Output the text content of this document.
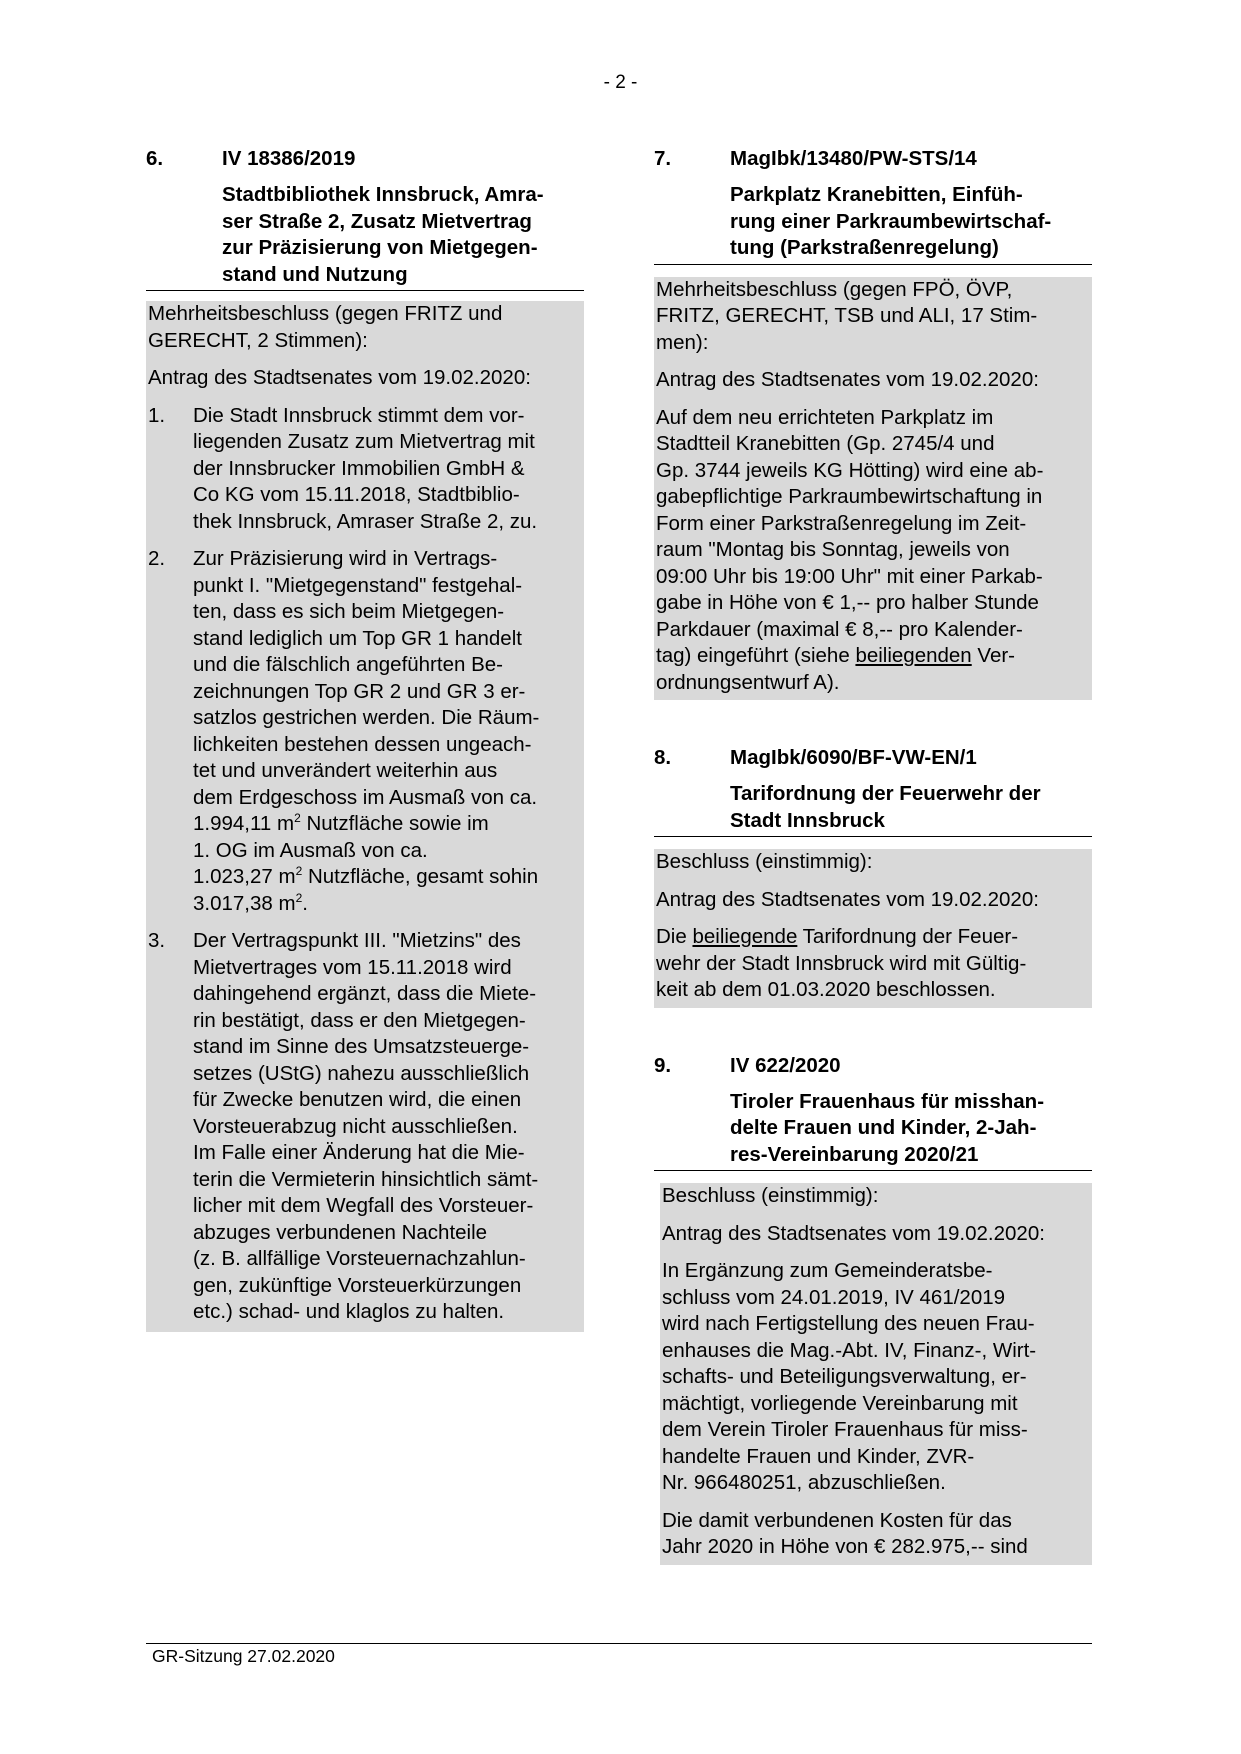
- 2 -
6.	IV 18386/2019
Stadtbibliothek Innsbruck, Amra-
ser Straße 2, Zusatz Mietvertrag
zur Präzisierung von Mietgegen-
stand und Nutzung
Mehrheitsbeschluss (gegen FRITZ und
GERECHT, 2 Stimmen):
Antrag des Stadtsenates vom 19.02.2020:
1.	Die Stadt Innsbruck stimmt dem vor-
liegenden Zusatz zum Mietvertrag mit
der Innsbrucker Immobilien GmbH &
Co KG vom 15.11.2018, Stadtbiblio-
thek Innsbruck, Amraser Straße 2, zu.
2.	Zur Präzisierung wird in Vertrags-
punkt I. "Mietgegenstand" festgehal-
ten, dass es sich beim Mietgegen-
stand lediglich um Top GR 1 handelt
und die fälschlich angeführten Be-
zeichnungen Top GR 2 und GR 3 er-
satzlos gestrichen werden. Die Räum-
lichkeiten bestehen dessen ungeach-
tet und unverändert weiterhin aus
dem Erdgeschoss im Ausmaß von ca.
1.994,11 $m^2$ Nutzfläche sowie im
1. OG im Ausmaß von ca.
1.023,27 $m^2$ Nutzfläche, gesamt sohin
3.017,38 $m^2$.
3.	Der Vertragspunkt III. "Mietzins" des
Mietvertrages vom 15.11.2018 wird
dahingehend ergänzt, dass die Miete-
rin bestätigt, dass er den Mietgegen-
stand im Sinne des Umsatzsteuerge-
setzes (UStG) nahezu ausschließlich
für Zwecke benutzen wird, die einen
Vorsteuerabzug nicht ausschließen.
Im Falle einer Änderung hat die Mie-
terin die Vermieterin hinsichtlich sämt-
licher mit dem Wegfall des Vorsteuer-
abzuges verbundenen Nachteile
(z. B. allfällige Vorsteuernachzahlun-
gen, zukünftige Vorsteuerkürzungen
etc.) schad- und klaglos zu halten.
7.	MagIbk/13480/PW-STS/14
Parkplatz Kranebitten, Einfüh-
rung einer Parkraumbewirtschaf-
tung (Parkstraßenregelung)
Mehrheitsbeschluss (gegen FPÖ, ÖVP,
FRITZ, GERECHT, TSB und ALI, 17 Stim-
men):
Antrag des Stadtsenates vom 19.02.2020:
Auf dem neu errichteten Parkplatz im
Stadtteil Kranebitten (Gp. 2745/4 und
Gp. 3744 jeweils KG Hötting) wird eine ab-
gabepflichtige Parkraumbewirtschaftung in
Form einer Parkstraßenregelung im Zeit-
raum "Montag bis Sonntag, jeweils von
09:00 Uhr bis 19:00 Uhr" mit einer Parkab-
gabe in Höhe von € 1,-- pro halber Stunde
Parkdauer (maximal € 8,-- pro Kalender-
tag) eingeführt (siehe beiliegenden Ver-
ordnungsentwurf A).
8.	MagIbk/6090/BF-VW-EN/1
Tarifordnung der Feuerwehr der
Stadt Innsbruck
Beschluss (einstimmig):
Antrag des Stadtsenates vom 19.02.2020:
Die beiliegende Tarifordnung der Feuer-
wehr der Stadt Innsbruck wird mit Gültig-
keit ab dem 01.03.2020 beschlossen.
9.	IV 622/2020
Tiroler Frauenhaus für misshan-
delte Frauen und Kinder, 2-Jah-
res-Vereinbarung 2020/21
Beschluss (einstimmig):
Antrag des Stadtsenates vom 19.02.2020:
In Ergänzung zum Gemeinderatsbe-
schluss vom 24.01.2019, IV 461/2019
wird nach Fertigstellung des neuen Frau-
enhauses die Mag.-Abt. IV, Finanz-, Wirt-
schafts- und Beteiligungsverwaltung, er-
mächtigt, vorliegende Vereinbarung mit
dem Verein Tiroler Frauenhaus für miss-
handelte Frauen und Kinder, ZVR-
Nr. 966480251, abzuschließen.
Die damit verbundenen Kosten für das
Jahr 2020 in Höhe von € 282.975,-- sind
GR-Sitzung 27.02.2020
